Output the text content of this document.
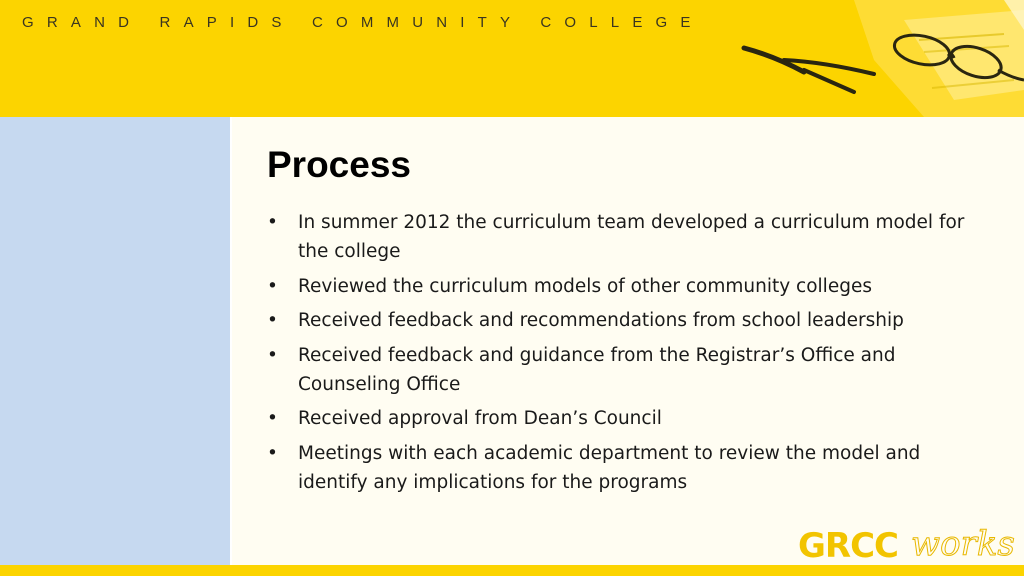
GRAND RAPIDS COMMUNITY COLLEGE
Process
• In summer 2012 the curriculum team developed a curriculum model for the college
• Reviewed the curriculum models of other community colleges
• Received feedback and recommendations from school leadership
• Received feedback and guidance from the Registrar’s Office and Counseling Office
• Received approval from Dean’s Council
• Meetings with each academic department to review the model and identify any implications for the programs
GRCC works
